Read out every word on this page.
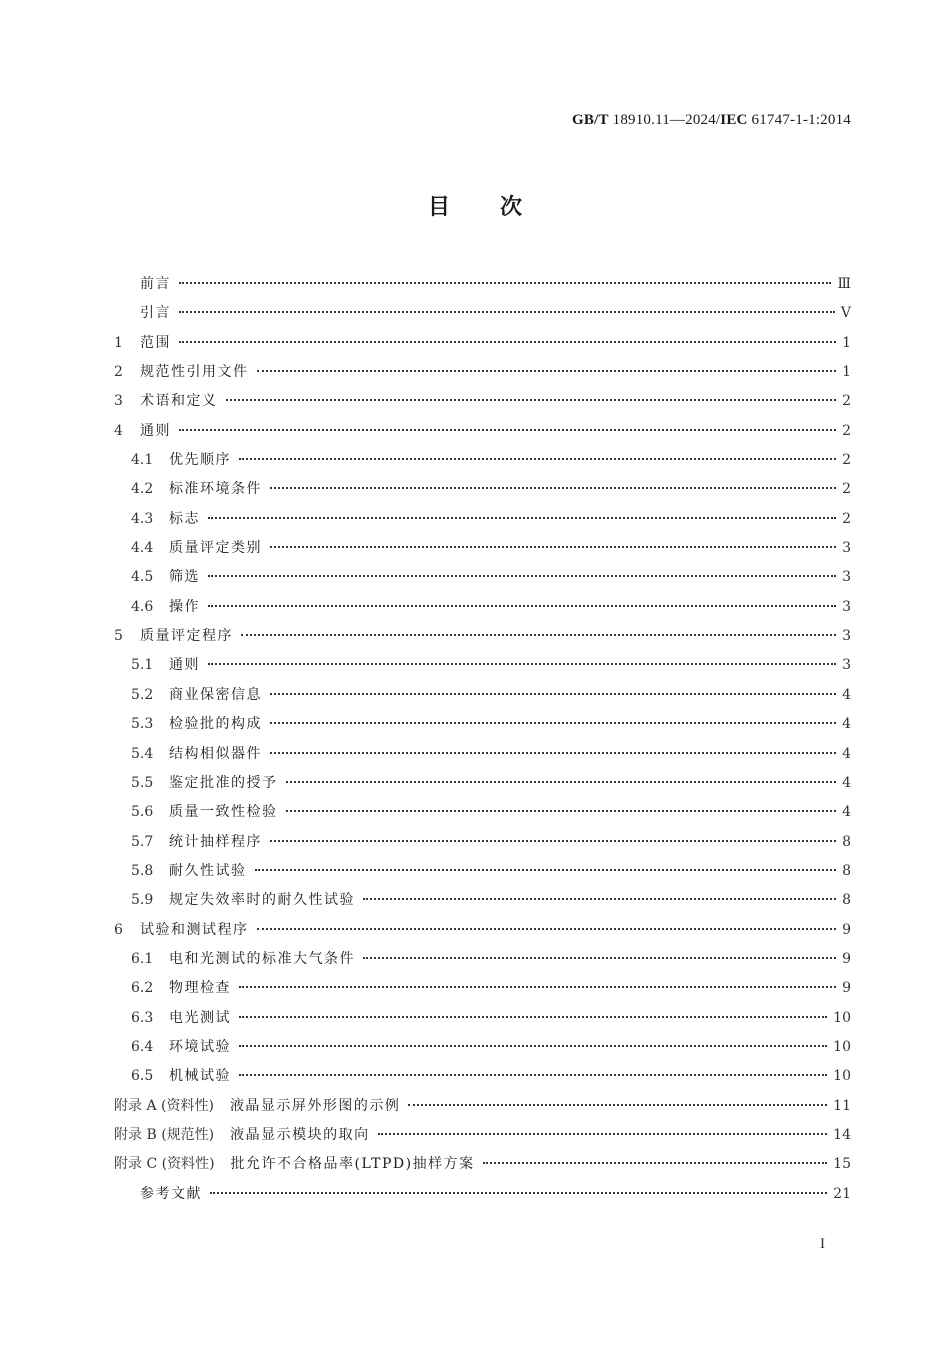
GB/T 18910.11—2024/IEC 61747-1-1:2014
目次
前言	Ⅲ
引言	Ⅴ
1	范围	1
2	规范性引用文件	1
3	术语和定义	2
4	通则	2
4.1	优先顺序	2
4.2	标准环境条件	2
4.3	标志	2
4.4	质量评定类别	3
4.5	筛选	3
4.6	操作	3
5	质量评定程序	3
5.1	通则	3
5.2	商业保密信息	4
5.3	检验批的构成	4
5.4	结构相似器件	4
5.5	鉴定批准的授予	4
5.6	质量一致性检验	4
5.7	统计抽样程序	8
5.8	耐久性试验	8
5.9	规定失效率时的耐久性试验	8
6	试验和测试程序	9
6.1	电和光测试的标准大气条件	9
6.2	物理检查	9
6.3	电光测试	10
6.4	环境试验	10
6.5	机械试验	10
附录 A (资料性) 液晶显示屏外形图的示例	11
附录 B (规范性) 液晶显示模块的取向	14
附录 C (资料性) 批允许不合格品率(LTPD)抽样方案	15
参考文献	21
I
